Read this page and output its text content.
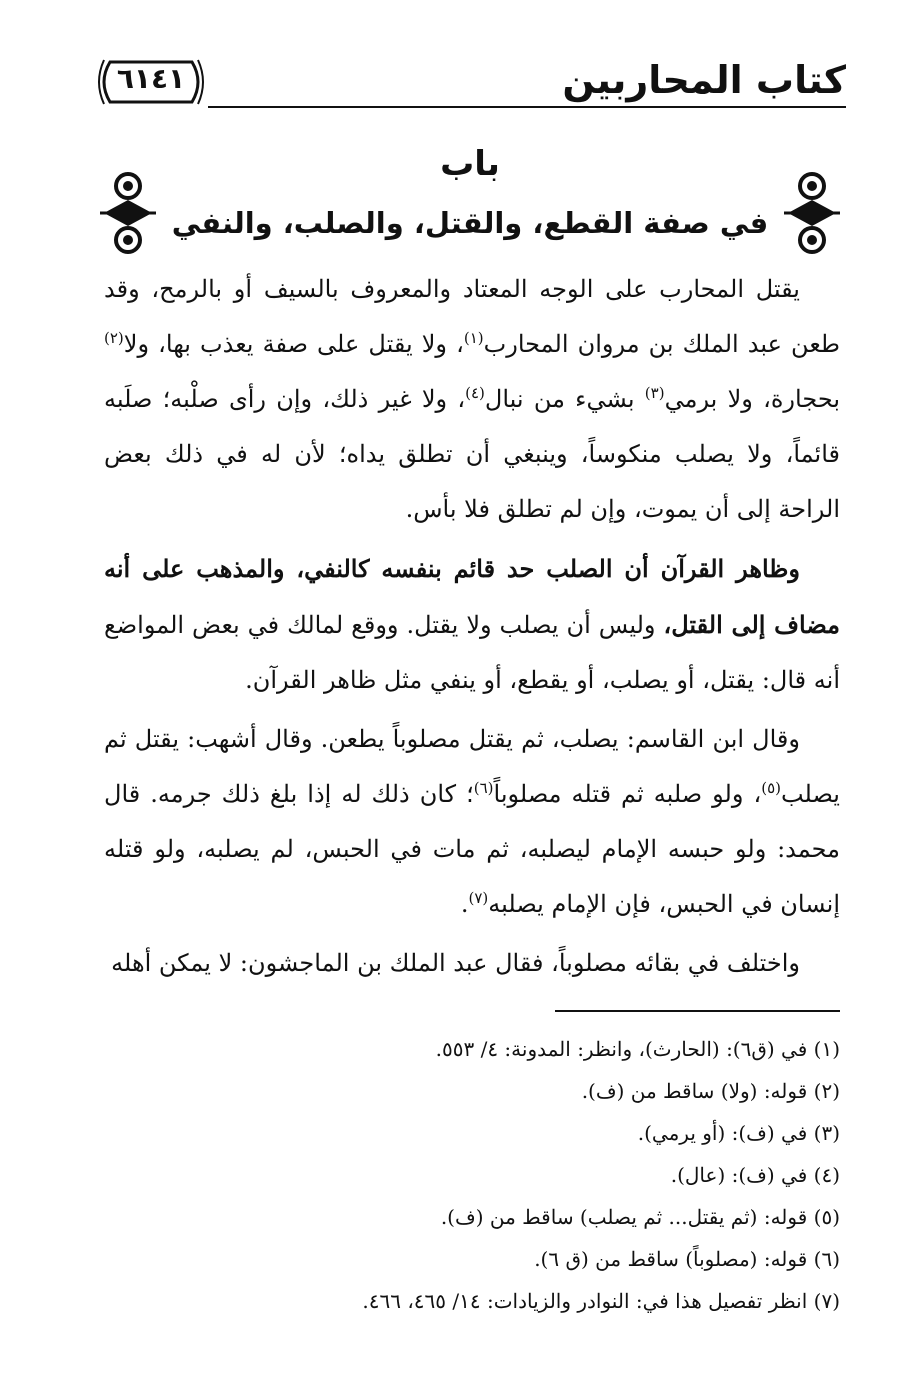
كتاب المحاربين
٦١٤١
باب
في صفة القطع، والقتل، والصلب، والنفي

يقتل المحارب على الوجه المعتاد والمعروف بالسيف أو بالرمح، وقد طعن عبد الملك بن مروان المحارب$^{(١)}$، ولا يقتل على صفة يعذب بها، ولا$^{(٢)}$ بحجارة، ولا برمي$^{(٣)}$ بشيء من نبال$^{(٤)}$، ولا غير ذلك، وإن رأى صلْبه؛ صلَبه قائماً، ولا يصلب منكوساً، وينبغي أن تطلق يداه؛ لأن له في ذلك بعض الراحة إلى أن يموت، وإن لم تطلق فلا بأس.

وظاهر القرآن أن الصلب حد قائم بنفسه كالنفي، والمذهب على أنه مضاف إلى القتل، وليس أن يصلب ولا يقتل. ووقع لمالك في بعض المواضع أنه قال: يقتل، أو يصلب، أو يقطع، أو ينفي مثل ظاهر القرآن.

وقال ابن القاسم: يصلب، ثم يقتل مصلوباً يطعن. وقال أشهب: يقتل ثم يصلب$^{(٥)}$، ولو صلبه ثم قتله مصلوباً$^{(٦)}$؛ كان ذلك له إذا بلغ ذلك جرمه. قال محمد: ولو حبسه الإمام ليصلبه، ثم مات في الحبس، لم يصلبه، ولو قتله إنسان في الحبس، فإن الإمام يصلبه$^{(٧)}$.

واختلف في بقائه مصلوباً، فقال عبد الملك بن الماجشون: لا يمكن أهله

(١) في (ق٦): (الحارث)، وانظر: المدونة: ٤/ ٥٥٣.
(٢) قوله: (ولا) ساقط من (ف).
(٣) في (ف): (أو يرمي).
(٤) في (ف): (عال).
(٥) قوله: (ثم يقتل... ثم يصلب) ساقط من (ف).
(٦) قوله: (مصلوباً) ساقط من (ق ٦).
(٧) انظر تفصيل هذا في: النوادر والزيادات: ١٤/ ٤٦٥، ٤٦٦.
